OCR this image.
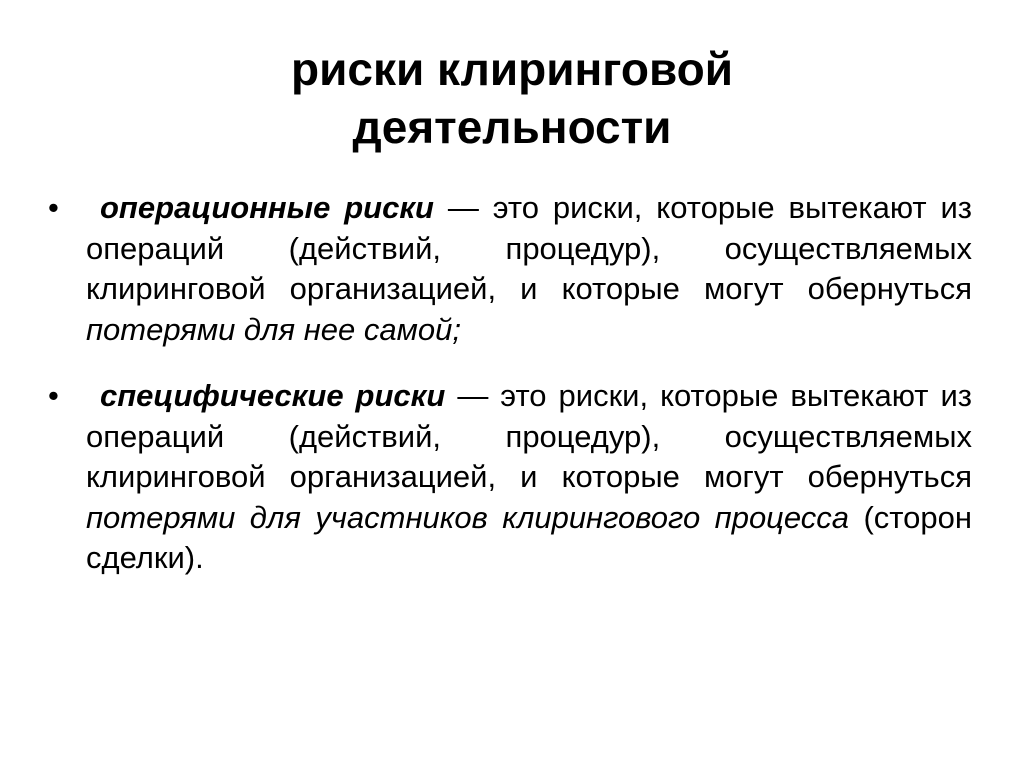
риски клиринговой
деятельности
• операционные риски — это риски, которые вытекают из операций (действий, процедур), осуществляемых клиринговой организацией, и которые могут обернуться потерями для нее самой;
• специфические риски — это риски, которые вытекают из операций (действий, процедур), осуществляемых клиринговой организацией, и которые могут обернуться потерями для участников клирингового процесса (сторон сделки).
